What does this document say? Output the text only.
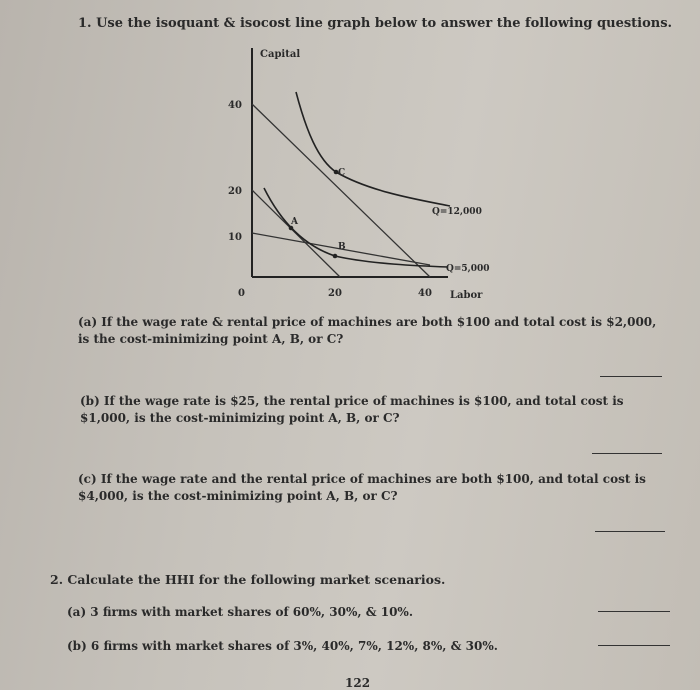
1. Use the isoquant & isocost line graph below to answer the following questions.
Capital
Labor
40
20
10
0	20	40
C
A
B
Q=12,000
Q=5,000
(a) If the wage rate & rental price of machines are both $100 and total cost is $2,000, is the cost-minimizing point A, B, or C?
(b) If the wage rate is $25, the rental price of machines is $100, and total cost is $1,000, is the cost-minimizing point A, B, or C?
(c) If the wage rate and the rental price of machines are both $100, and total cost is $4,000, is the cost-minimizing point A, B, or C?
2. Calculate the HHI for the following market scenarios.
(a) 3 firms with market shares of 60%, 30%, & 10%.
(b) 6 firms with market shares of 3%, 40%, 7%, 12%, 8%, & 30%.
122
